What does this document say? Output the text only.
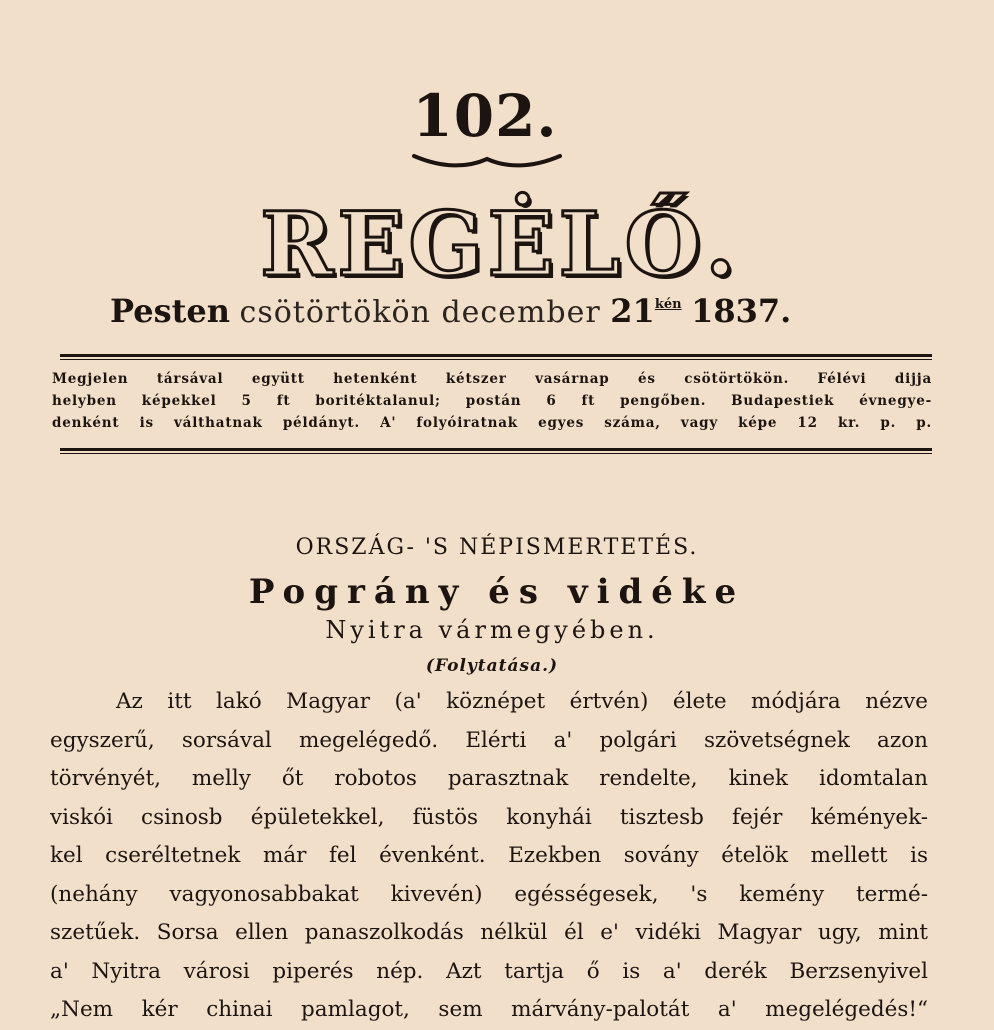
102.
REGĖLŐ.
Pesten csötörtökön december $21^{kén}$ 1837.
Megjelen társával együtt hetenként kétszer vasárnap és csötörtökön. Félévi dijja
helyben képekkel 5 ft boritéktalanul; postán 6 ft pengőben. Budapestiek évnegye-
denként is válthatnak példányt. A' folyóiratnak egyes száma, vagy képe 12 kr. p. p.
ORSZÁG- 'S NÉPISMERTETÉS.
Pográny és vidéke
Nyitra vármegyében.
(Folytatása.)
Az itt lakó Magyar (a' köznépet értvén) élete módjára nézve
egyszerű, sorsával megelégedő. Elérti a' polgári szövetségnek azon
törvényét, melly őt robotos parasztnak rendelte, kinek idomtalan
viskói csinosb épületekkel, füstös konyhái tisztesb fejér kémények-
kel cseréltetnek már fel évenként. Ezekben sovány ételök mellett is
(nehány vagyonosabbakat kivevén) egésségesek, 's kemény termé-
szetűek. Sorsa ellen panaszolkodás nélkül él e' vidéki Magyar ugy, mint
a' Nyitra városi piperés nép. Azt tartja ő is a' derék Berzsenyivel
„Nem kér chinai pamlagot, sem márvány-palotát a' megelégedés!“
